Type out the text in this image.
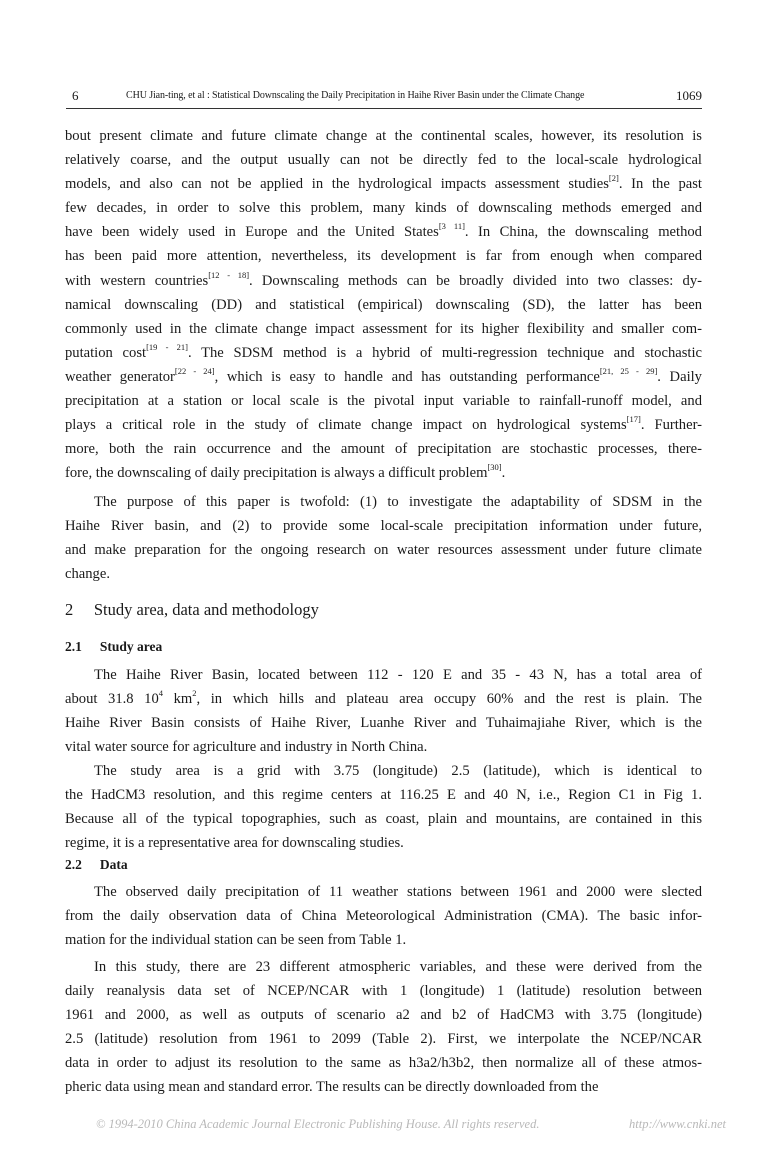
6	CHU Jian-ting, et al : Statistical Downscaling the Daily Precipitation in Haihe River Basin under the Climate Change	1069
bout present climate and future climate change at the continental scales, however, its resolution is
relatively coarse, and the output usually can not be directly fed to the local-scale hydrological
models, and also can not be applied in the hydrological impacts assessment studies[2]. In the past
few decades, in order to solve this problem, many kinds of downscaling methods emerged and
have been widely used in Europe and the United States[3 11]. In China, the downscaling method
has been paid more attention, nevertheless, its development is far from enough when compared
with western countries[12 - 18]. Downscaling methods can be broadly divided into two classes: dy-
namical downscaling (DD) and statistical (empirical) downscaling (SD), the latter has been
commonly used in the climate change impact assessment for its higher flexibility and smaller com-
putation cost[19 - 21]. The SDSM method is a hybrid of multi-regression technique and stochastic
weather generator[22 - 24], which is easy to handle and has outstanding performance[21, 25 - 29]. Daily
precipitation at a station or local scale is the pivotal input variable to rainfall-runoff model, and
plays a critical role in the study of climate change impact on hydrological systems[17]. Further-
more, both the rain occurrence and the amount of precipitation are stochastic processes, there-
fore, the downscaling of daily precipitation is always a difficult problem[30].
The purpose of this paper is twofold: (1) to investigate the adaptability of SDSM in the
Haihe River basin, and (2) to provide some local-scale precipitation information under future,
and make preparation for the ongoing research on water resources assessment under future climate
change.
2 Study area, data and methodology
2.1 Study area
The Haihe River Basin, located between 112 - 120 E and 35 - 43 N, has a total area of
about 31.8 $10^4$ $km^2$, in which hills and plateau area occupy 60% and the rest is plain. The
Haihe River Basin consists of Haihe River, Luanhe River and Tuhaimajiahe River, which is the
vital water source for agriculture and industry in North China.
The study area is a grid with 3.75 (longitude) 2.5 (latitude), which is identical to
the HadCM3 resolution, and this regime centers at 116.25 E and 40 N, i.e., Region C1 in Fig 1.
Because all of the typical topographies, such as coast, plain and mountains, are contained in this
regime, it is a representative area for downscaling studies.
2.2 Data
The observed daily precipitation of 11 weather stations between 1961 and 2000 were slected
from the daily observation data of China Meteorological Administration (CMA). The basic infor-
mation for the individual station can be seen from Table 1.
In this study, there are 23 different atmospheric variables, and these were derived from the
daily reanalysis data set of NCEP/NCAR with 1 (longitude) 1 (latitude) resolution between
1961 and 2000, as well as outputs of scenario a2 and b2 of HadCM3 with 3.75 (longitude)
2.5 (latitude) resolution from 1961 to 2099 (Table 2). First, we interpolate the NCEP/NCAR
data in order to adjust its resolution to the same as h3a2/h3b2, then normalize all of these atmos-
pheric data using mean and standard error. The results can be directly downloaded from the
© 1994-2010 China Academic Journal Electronic Publishing House. All rights reserved.	http://www.cnki.net
